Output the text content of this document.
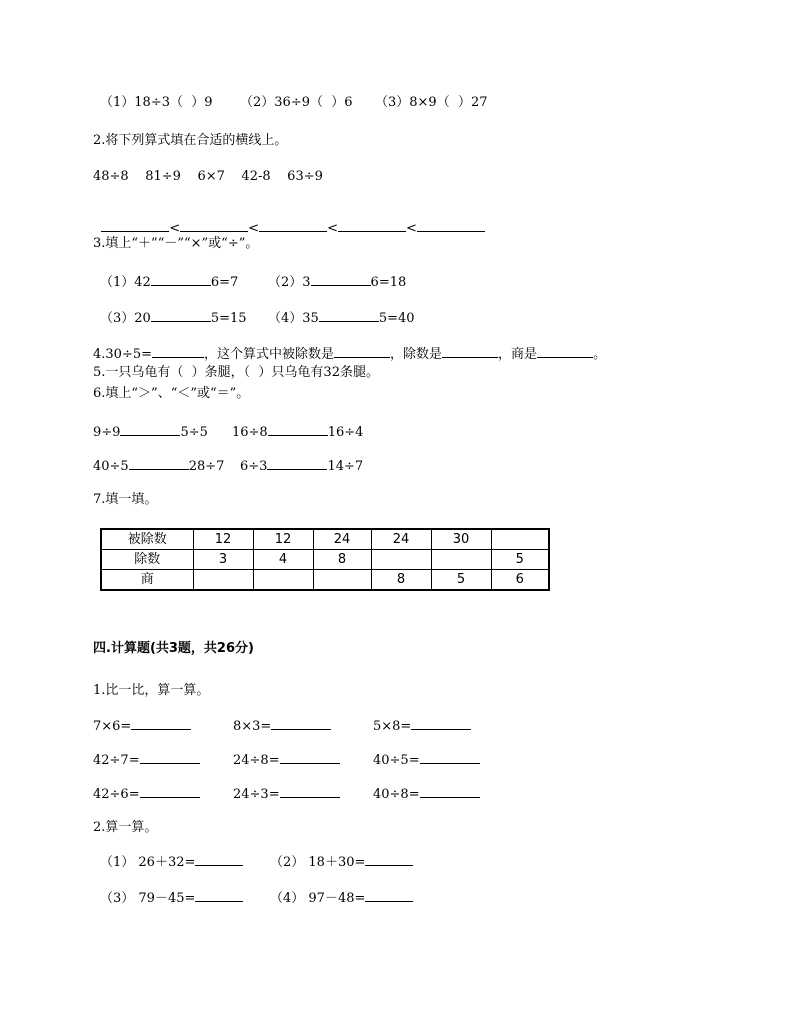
（1）18÷3（  ）9 （2）36÷9（  ）6 （3）8×9（  ）27
2.将下列算式填在合适的横线上。
48÷8    81÷9    6×7    42-8    63÷9

<	<	<	<

3.填上“＋”“－”“×”或“÷”。
（1）42	6=7 （2）3	6=18
（3）20	5=15 （4）35	5=40
4.30÷5=	，这个算式中被除数是	，除数是	，商是	。
5.一只乌龟有（  ）条腿，（  ）只乌龟有32条腿。
6.填上“＞”、“＜”或“＝”。
9÷9	5÷5 16÷8	16÷4
40÷5	28÷7 6÷3	14÷7
7.填一填。
被除数	12	12	24	24	30	
除数	3	4	8			5
商				8	5	6
四.计算题(共3题，共26分)
1.比一比，算一算。
7×6=	8×3=	5×8=
42÷7=	24÷8=	40÷5=
42÷6=	24÷3=	40÷8=
2.算一算。
（1） 26＋32=	（2） 18＋30=
（3） 79－45=	（4） 97－48=
